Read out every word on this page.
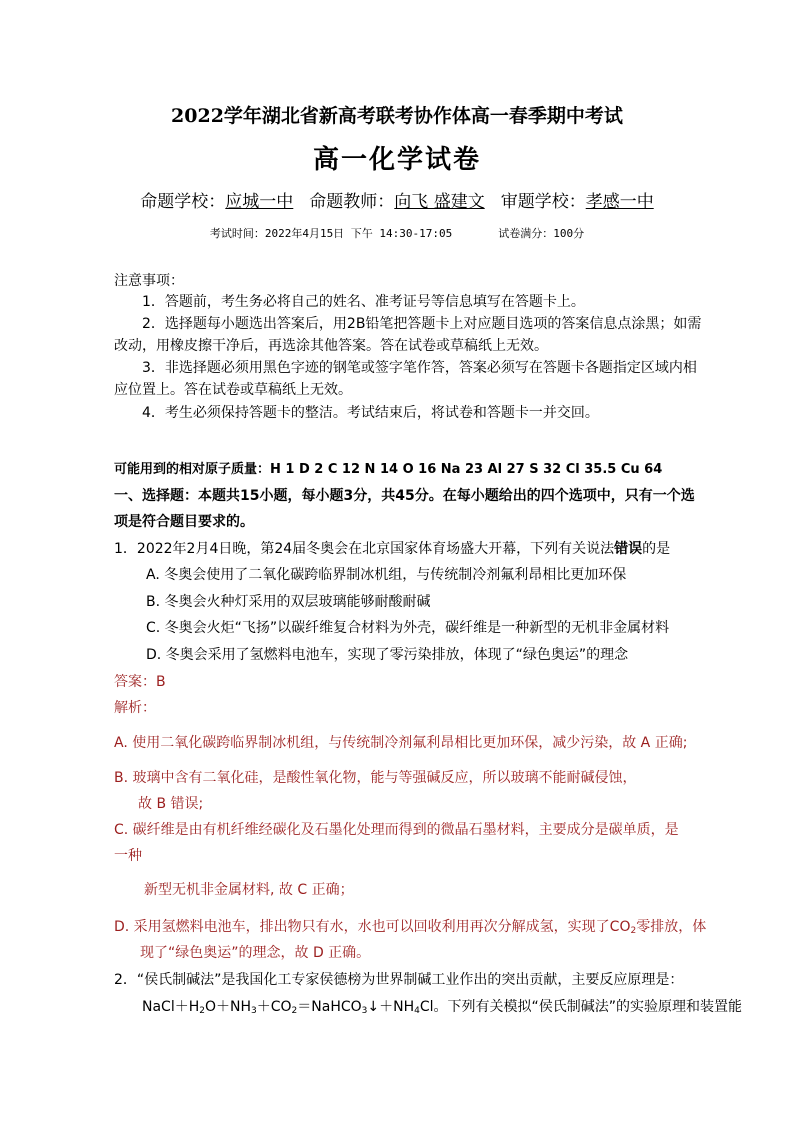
2022学年湖北省新高考联考协作体高一春季期中考试
高一化学试卷
命题学校：应城一中 命题教师：向飞 盛建文 审题学校：孝感一中
考试时间：2022年4月15日 下午 14:30-17:05	试卷满分：100分
注意事项：
1．答题前，考生务必将自己的姓名、准考证号等信息填写在答题卡上。
2．选择题每小题选出答案后，用2B铅笔把答题卡上对应题目选项的答案信息点涂黑；如需
改动，用橡皮擦干净后，再选涂其他答案。答在试卷或草稿纸上无效。
3．非选择题必须用黑色字迹的钢笔或签字笔作答，答案必须写在答题卡各题指定区域内相
应位置上。答在试卷或草稿纸上无效。
4．考生必须保持答题卡的整洁。考试结束后，将试卷和答题卡一并交回。
可能用到的相对原子质量：H 1 D 2 C 12 N 14 O 16 Na 23 Al 27 S 32 Cl 35.5 Cu 64
一、选择题：本题共15小题，每小题3分，共45分。在每小题给出的四个选项中，只有一个选
项是符合题目要求的。
1．2022年2月4日晚，第24届冬奥会在北京国家体育场盛大开幕，下列有关说法错误的是
A. 冬奥会使用了二氧化碳跨临界制冰机组，与传统制冷剂氟利昂相比更加环保
B. 冬奥会火种灯采用的双层玻璃能够耐酸耐碱
C. 冬奥会火炬“飞扬”以碳纤维复合材料为外壳，碳纤维是一种新型的无机非金属材料
D. 冬奥会采用了氢燃料电池车，实现了零污染排放，体现了“绿色奥运”的理念
答案：B
解析：
A. 使用二氧化碳跨临界制冰机组，与传统制冷剂氟利昂相比更加环保，减少污染，故 A 正确;
B. 玻璃中含有二氧化硅，是酸性氧化物，能与等强碱反应，所以玻璃不能耐碱侵蚀，
故 B 错误;
C. 碳纤维是由有机纤维经碳化及石墨化处理而得到的微晶石墨材料，主要成分是碳单质，是
一种
新型无机非金属材料, 故 C 正确；
D. 采用氢燃料电池车，排出物只有水，水也可以回收利用再次分解成氢，实现了CO2零排放，体
现了“绿色奥运”的理念，故 D 正确。
2．“侯氏制碱法”是我国化工专家侯德榜为世界制碱工业作出的突出贡献，主要反应原理是：
NaCl＋H2O＋NH3＋CO2＝NaHCO3↓＋NH4Cl。下列有关模拟“侯氏制碱法”的实验原理和装置能
